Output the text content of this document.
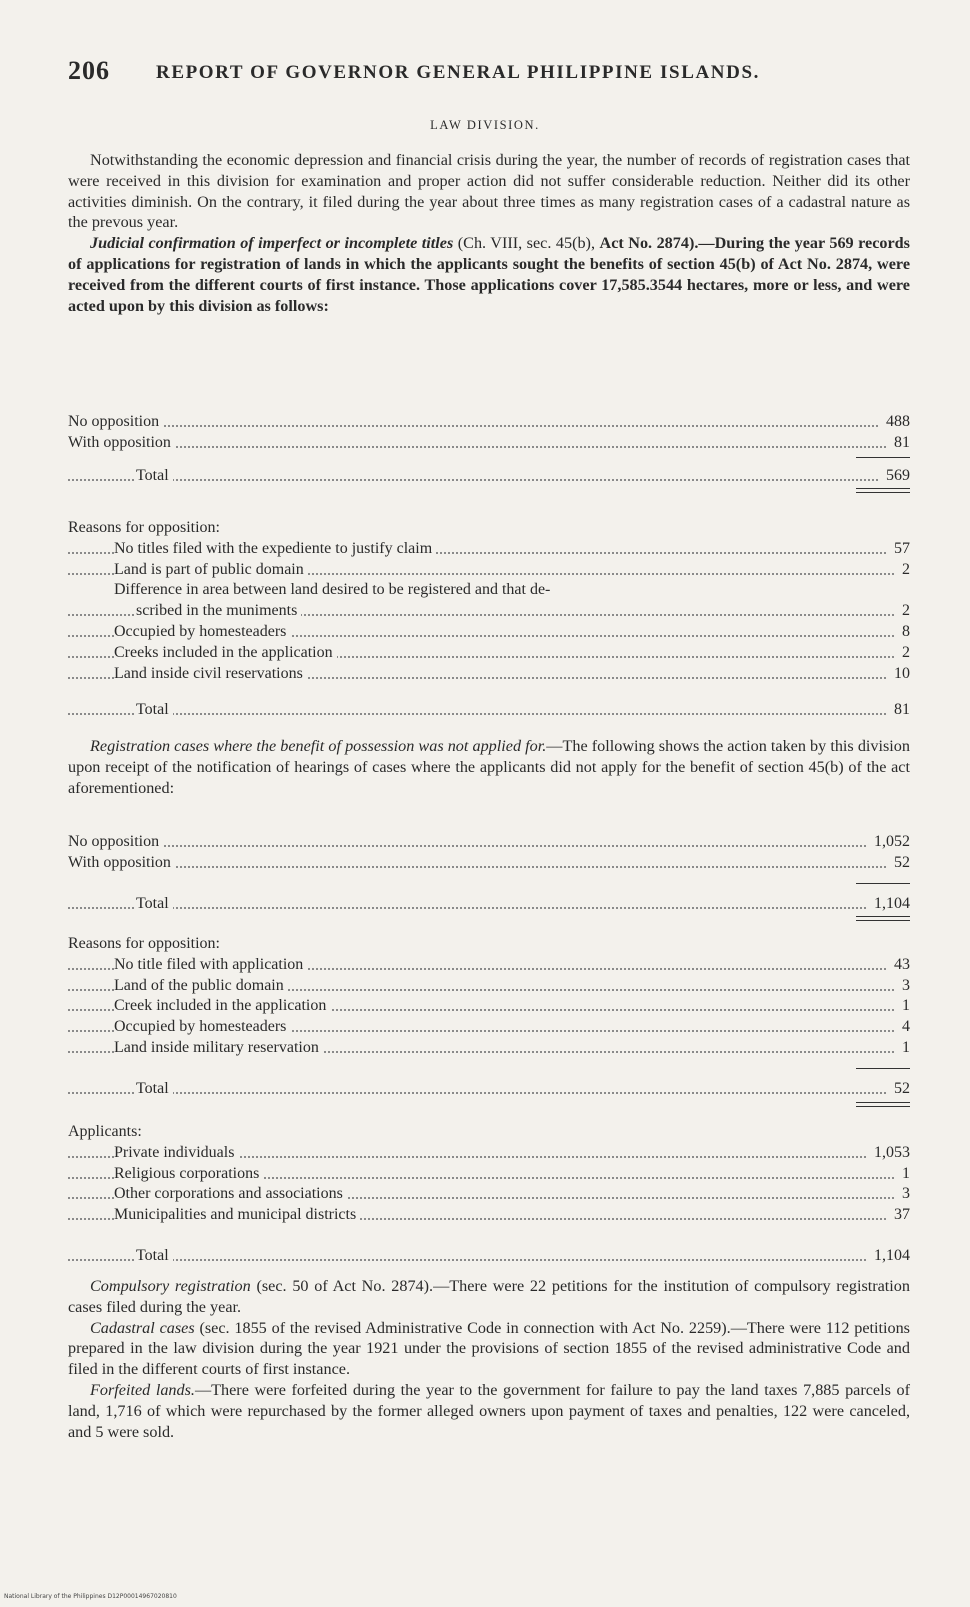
206 REPORT OF GOVERNOR GENERAL PHILIPPINE ISLANDS.
LAW DIVISION.

Notwithstanding the economic depression and financial crisis during the year, the number of records of registration cases that were received in this division for examination and proper action did not suffer considerable reduction. Neither did its other activities diminish. On the contrary, it filed during the year about three times as many registration cases of a cadastral nature as the prevous year.

Judicial confirmation of imperfect or incomplete titles (Ch. VIII, sec. 45(b), Act No. 2874).—During the year 569 records of applications for registration of lands in which the applicants sought the benefits of section 45(b) of Act No. 2874, were received from the different courts of first instance. Those applications cover 17,585.3544 hectares, more or less, and were acted upon by this division as follows:

No opposition	488
With opposition	81
Total	569
Reasons for opposition:
No titles filed with the expediente to justify claim	57
Land is part of public domain	2
Difference in area between land desired to be registered and that de-
scribed in the muniments	2
Occupied by homesteaders	8
Creeks included in the application	2
Land inside civil reservations	10
Total	81

Registration cases where the benefit of possession was not applied for.—The following shows the action taken by this division upon receipt of the notification of hearings of cases where the applicants did not apply for the benefit of section 45(b) of the act aforementioned:

No opposition	1,052
With opposition	52
Total	1,104
Reasons for opposition:
No title filed with application	43
Land of the public domain	3
Creek included in the application	1
Occupied by homesteaders	4
Land inside military reservation	1
Total	52
Applicants:
Private individuals	1,053
Religious corporations	1
Other corporations and associations	3
Municipalities and municipal districts	37
Total	1,104

Compulsory registration (sec. 50 of Act No. 2874).—There were 22 petitions for the institution of compulsory registration cases filed during the year.

Cadastral cases (sec. 1855 of the revised Administrative Code in connection with Act No. 2259).—There were 112 petitions prepared in the law division during the year 1921 under the provisions of section 1855 of the revised administrative Code and filed in the different courts of first instance.

Forfeited lands.—There were forfeited during the year to the government for failure to pay the land taxes 7,885 parcels of land, 1,716 of which were repurchased by the former alleged owners upon payment of taxes and penalties, 122 were canceled, and 5 were sold.

National Library of the Philippines D12P00014967020810
